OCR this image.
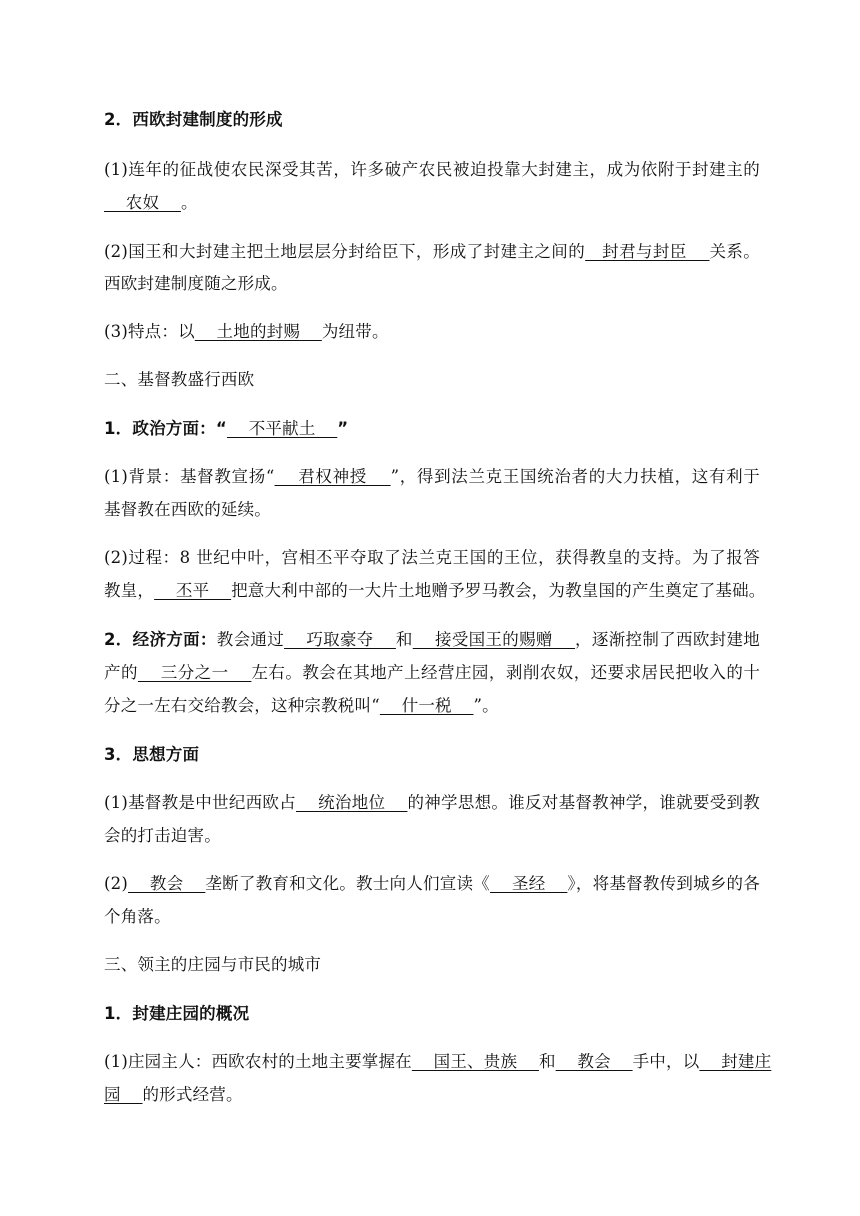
2．西欧封建制度的形成
(1)连年的征战使农民深受其苦，许多破产农民被迫投靠大封建主，成为依附于封建主的
农奴    。
(2)国王和大封建主把土地层层分封给臣下，形成了封建主之间的   封君与封臣    关系。
西欧封建制度随之形成。
(3)特点：以    土地的封赐    为纽带。
二、基督教盛行西欧
1．政治方面：“    不平献土    ”
(1)背景：基督教宣扬“    君权神授    ”，得到法兰克王国统治者的大力扶植，这有利于
基督教在西欧的延续。
(2)过程：8 世纪中叶，宫相丕平夺取了法兰克王国的王位，获得教皇的支持。为了报答
教皇，    丕平    把意大利中部的一大片土地赠予罗马教会，为教皇国的产生奠定了基础。
2．经济方面：教会通过    巧取豪夺    和    接受国王的赐赠    ，逐渐控制了西欧封建地
产的    三分之一    左右。教会在其地产上经营庄园，剥削农奴，还要求居民把收入的十
分之一左右交给教会，这种宗教税叫“    什一税    ”。
3．思想方面
(1)基督教是中世纪西欧占    统治地位    的神学思想。谁反对基督教神学，谁就要受到教
会的打击迫害。
(2)    教会    垄断了教育和文化。教士向人们宣读《    圣经    》，将基督教传到城乡的各
个角落。
三、领主的庄园与市民的城市
1．封建庄园的概况
(1)庄园主人：西欧农村的土地主要掌握在    国王、贵族    和    教会    手中，以    封建庄
园    的形式经营。
